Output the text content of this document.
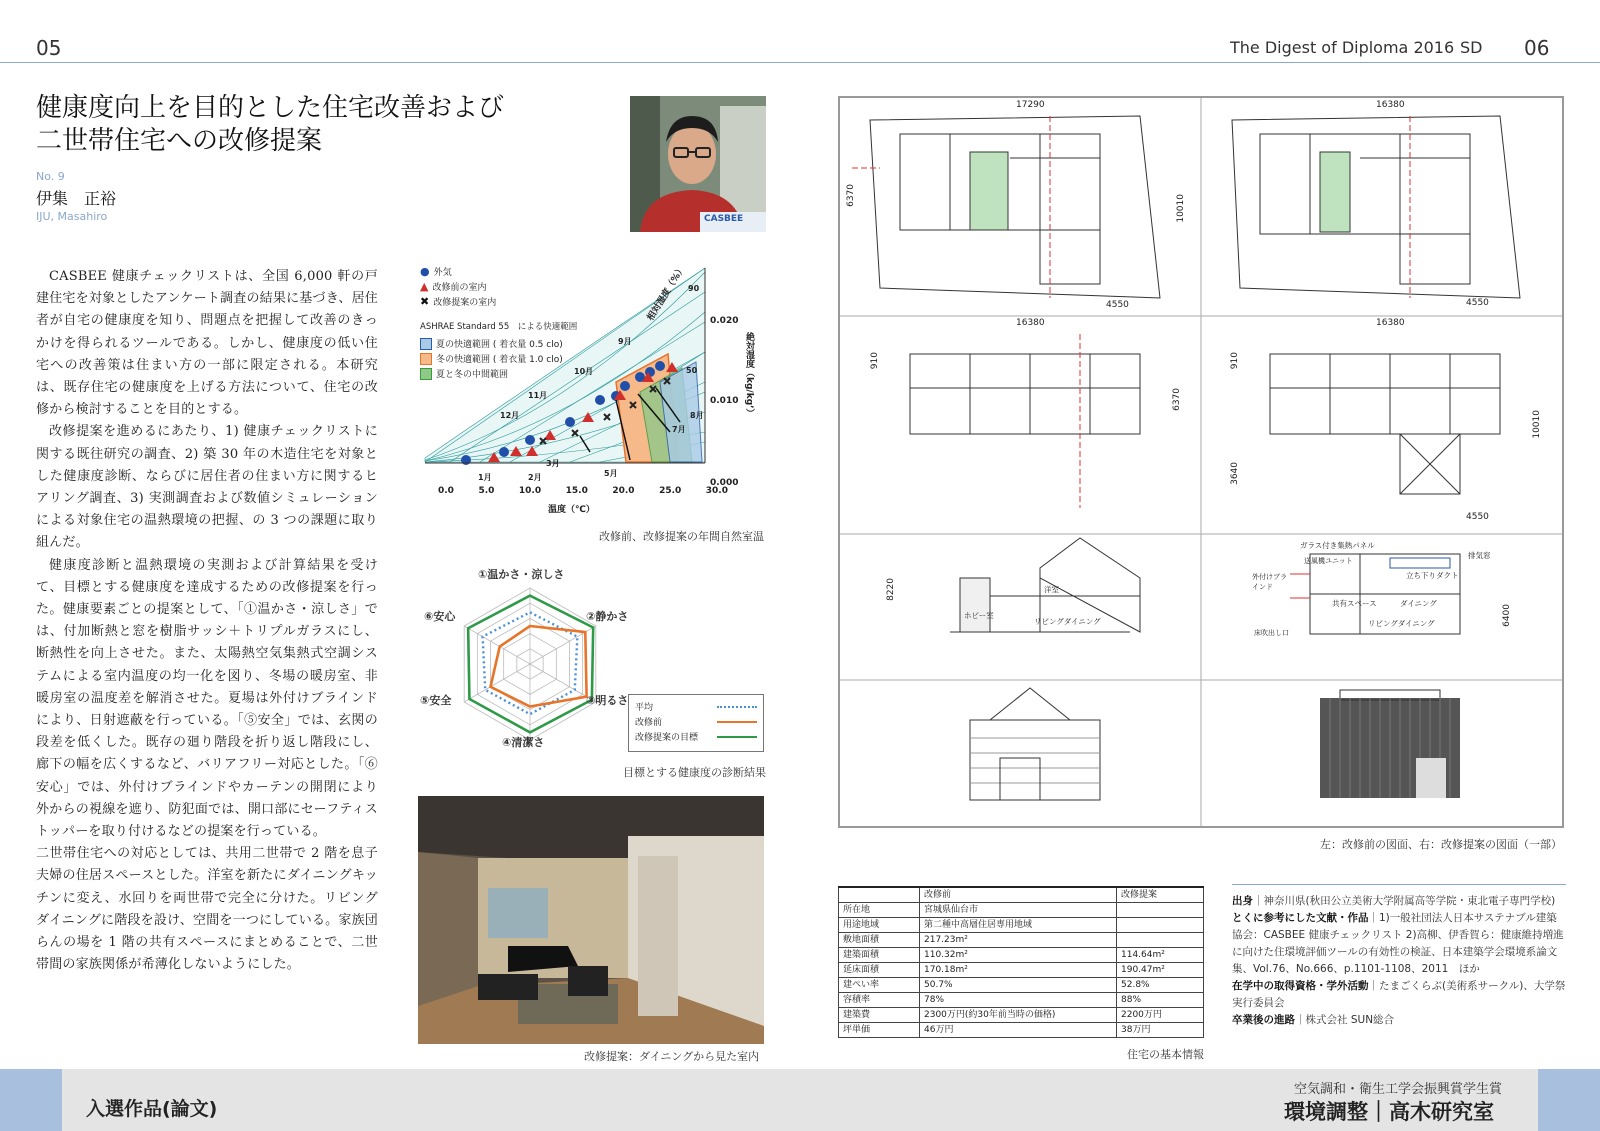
05	The Digest of Diploma 2016 SD 06
健康度向上を目的とした住宅改善および
二世帯住宅への改修提案
No. 9
伊集　正裕
IJU, Masahiro	CASBEE

CASBEE 健康チェックリストは、全国 6,000 軒の戸建住宅を対象としたアンケート調査の結果に基づき、居住者が自宅の健康度を知り、問題点を把握して改善のきっかけを得られるツールである。しかし、健康度の低い住宅への改善策は住まい方の一部に限定される。本研究は、既存住宅の健康度を上げる方法について、住宅の改修から検討することを目的とする。

改修提案を進めるにあたり、1) 健康チェックリストに関する既往研究の調査、2) 築 30 年の木造住宅を対象とした健康度診断、ならびに居住者の住まい方に関するヒアリング調査、3) 実測調査および数値シミュレーションによる対象住宅の温熱環境の把握、の 3 つの課題に取り組んだ。

健康度診断と温熱環境の実測および計算結果を受けて、目標とする健康度を達成するための改修提案を行った。健康要素ごとの提案として、「①温かさ・涼しさ」では、付加断熱と窓を樹脂サッシ＋トリプルガラスにし、断熱性を向上させた。また、太陽熱空気集熱式空調システムによる室内温度の均一化を図り、冬場の暖房室、非暖房室の温度差を解消させた。夏場は外付けブラインドにより、日射遮蔽を行っている。「⑤安全」では、玄関の段差を低くした。既存の廻り階段を折り返し階段にし、廊下の幅を広くするなど、バリアフリー対応とした。「⑥安心」では、外付けブラインドやカーテンの開閉により外からの視線を遮り、防犯面では、開口部にセーフティストッパーを取り付けるなどの提案を行っている。

二世帯住宅への対応としては、共用二世帯で 2 階を息子夫婦の住居スペースとした。洋室を新たにダイニングキッチンに変え、水回りを両世帯で完全に分けた。リビングダイニングに階段を設け、空間を一つにしている。家族団らんの場を 1 階の共有スペースにまとめることで、二世帯間の家族関係が希薄化しないようにした。

● 外気
▲ 改修前の室内
✖ 改修提案の室内
ASHRAE Standard 55　による快適範囲
夏の快適範囲 ( 着衣量 0.5 clo)
冬の快適範囲 ( 着衣量 1.0 clo)
夏と冬の中間範囲
0.0	5.0	10.0	15.0	20.0	25.0	30.0
温度（℃）
0.020
0.010
0.000
絶対湿度（kg/kg’）
相対湿度（%） 90
50
9月
10月
11月
12月
1月	2月
3月
5月
7月
8月
改修前、改修提案の年間自然室温
①温かさ・涼しさ
②静かさ
③明るさ
④清潔さ
⑤安全
⑥安心
平均
改修前
改修提案の目標
目標とする健康度の診断結果
改修提案：ダイニングから見た室内
17290	16380
16380	16380
4550	4550
4550
6370	10010
6370
10010
8220
6400
910	910
3640
ホビー室
洋室
リビングダイニング
ガラス付き集熱パネル
排気窓
送風機ユニット
立ち下りダクト
外付けブラインド
共有スペース	ダイニング
リビングダイニング
床吹出し口
左：改修前の図面、右：改修提案の図面（一部）
	改修前	改修提案
所在地	宮城県仙台市	
用途地域	第二種中高層住居専用地域	
敷地面積	217.23m²	
建築面積	110.32m²	114.64m²
延床面積	170.18m²	190.47m²
建ぺい率	50.7%	52.8%
容積率	78%	88%
建築費	2300万円(約30年前当時の価格)	2200万円
坪単価	46万円	38万円
住宅の基本情報
出身｜神奈川県(秋田公立美術大学附属高等学院・東北電子専門学校)
とくに参考にした文献・作品｜1)一般社団法人日本サステナブル建築協会：CASBEE 健康チェックリスト 2)高柳、伊香賀ら：健康維持増進に向けた住環境評価ツールの有効性の検証、日本建築学会環境系論文集、Vol.76、No.666、p.1101-1108、2011　ほか
在学中の取得資格・学外活動｜たまごくらぶ(美術系サークル)、大学祭実行委員会
卒業後の進路｜株式会社 SUN総合
入選作品(論文)
空気調和・衛生工学会振興賞学生賞
環境調整｜高木研究室
